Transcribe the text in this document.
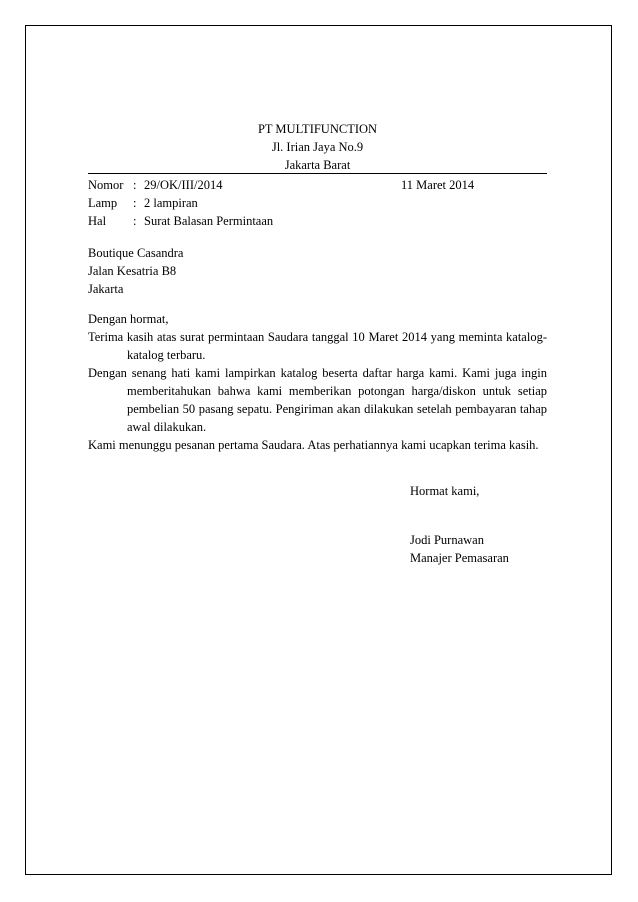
PT MULTIFUNCTION
Jl. Irian Jaya No.9
Jakarta Barat
Nomor : 29/OK/III/2014	11 Maret 2014
Lamp : 2 lampiran
Hal : Surat Balasan Permintaan
Boutique Casandra
Jalan Kesatria B8
Jakarta
Dengan hormat,
Terima kasih atas surat permintaan Saudara tanggal 10 Maret 2014 yang meminta katalog-katalog terbaru.
Dengan senang hati kami lampirkan katalog beserta daftar harga kami. Kami juga ingin memberitahukan bahwa kami memberikan potongan harga/diskon untuk setiap pembelian 50 pasang sepatu. Pengiriman akan dilakukan setelah pembayaran tahap awal dilakukan.
Kami menunggu pesanan pertama Saudara. Atas perhatiannya kami ucapkan terima kasih.
Hormat kami,
Jodi Purnawan
Manajer Pemasaran
